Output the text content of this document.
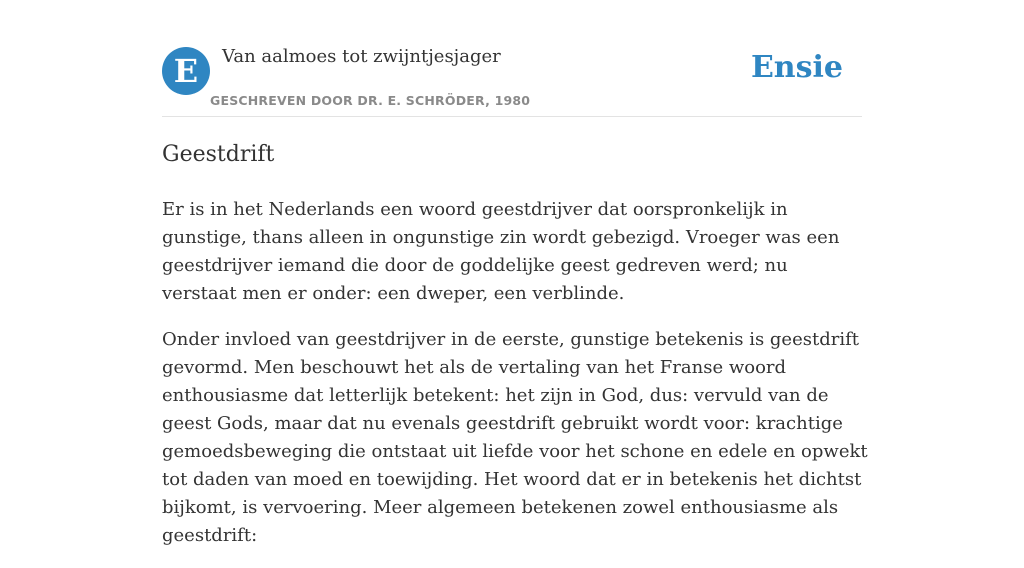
E	Van aalmoes tot zwijntjesjager
GESCHREVEN DOOR DR. E. SCHRÖDER, 1980
Ensie
Geestdrift

Er is in het Nederlands een woord geestdrijver dat oorspronkelijk in gunstige, thans alleen in ongunstige zin wordt gebezigd. Vroeger was een geestdrijver iemand die door de goddelijke geest gedreven werd; nu verstaat men er onder: een dweper, een verblinde.

Onder invloed van geestdrijver in de eerste, gunstige betekenis is geestdrift gevormd. Men beschouwt het als de vertaling van het Franse woord enthousiasme dat letterlijk betekent: het zijn in God, dus: vervuld van de geest Gods, maar dat nu evenals geestdrift gebruikt wordt voor: krachtige gemoedsbeweging die ontstaat uit liefde voor het schone en edele en opwekt tot daden van moed en toewijding. Het woord dat er in betekenis het dichtst bijkomt, is vervoering. Meer algemeen betekenen zowel enthousiasme als geestdrift:
